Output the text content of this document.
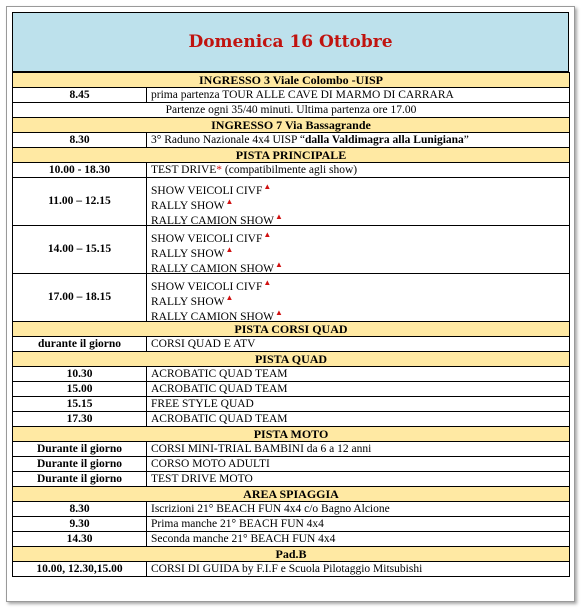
Domenica 16 Ottobre
INGRESSO 3 Viale Colombo -UISP	
8.45	prima partenza TOUR ALLE CAVE DI MARMO DI CARRARA
Partenze ogni 35/40 minuti. Ultima partenza ore 17.00	
INGRESSO 7 Via Bassagrande	
8.30	3° Raduno Nazionale 4x4 UISP “dalla Valdimagra alla Lunigiana”
PISTA PRINCIPALE	
10.00 - 18.30	TEST DRIVE* (compatibilmente agli show)
11.00 – 12.15	SHOW VEICOLI CIVF▲
RALLY SHOW▲
RALLY CAMION SHOW▲

14.00 – 15.15	SHOW VEICOLI CIVF▲
RALLY SHOW▲
RALLY CAMION SHOW▲

17.00 – 18.15	SHOW VEICOLI CIVF▲
RALLY SHOW▲
RALLY CAMION SHOW▲

PISTA CORSI QUAD	
durante il giorno	CORSI QUAD E ATV
PISTA QUAD	
10.30	ACROBATIC QUAD TEAM
15.00	ACROBATIC QUAD TEAM
15.15	FREE STYLE QUAD
17.30	ACROBATIC QUAD TEAM
PISTA MOTO	
Durante il giorno	CORSI MINI-TRIAL BAMBINI da 6 a 12 anni
Durante il giorno	CORSO MOTO ADULTI
Durante il giorno	TEST DRIVE MOTO
AREA SPIAGGIA	
8.30	Iscrizioni 21° BEACH FUN 4x4 c/o Bagno Alcione
9.30	Prima manche 21° BEACH FUN 4x4
14.30	Seconda manche 21° BEACH FUN 4x4
Pad.B	
10.00, 12.30,15.00	CORSI DI GUIDA by F.I.F e Scuola Pilotaggio Mitsubishi
